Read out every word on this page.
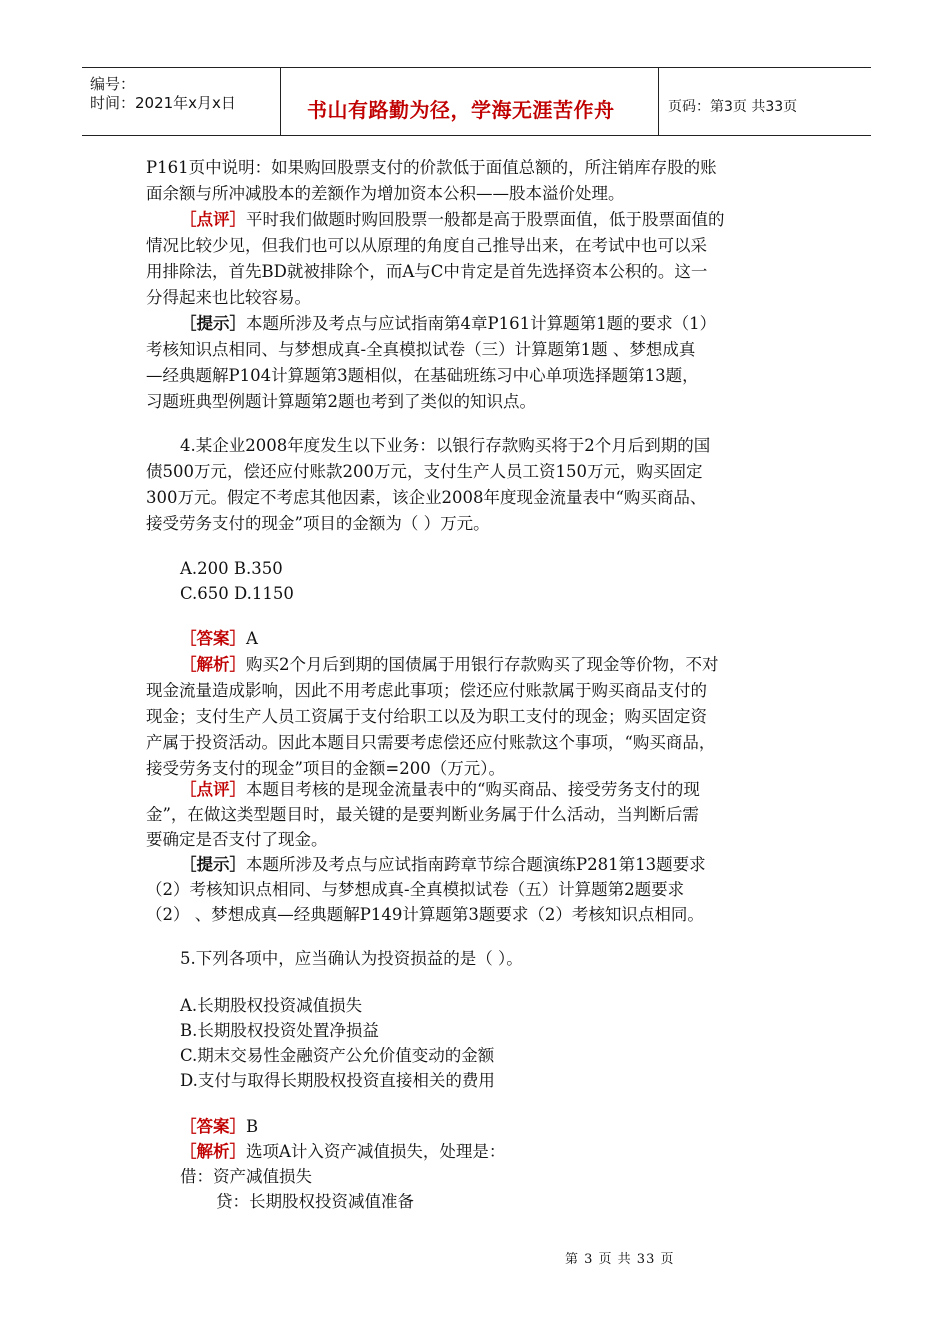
编号：
时间：2021年x月x日	书山有路勤为径，学海无涯苦作舟	页码：第3页 共33页
P161页中说明：如果购回股票支付的价款低于面值总额的，所注销库存股的账
面余额与所冲减股本的差额作为增加资本公积——股本溢价处理。
［点评］平时我们做题时购回股票一般都是高于股票面值，低于股票面值的
情况比较少见，但我们也可以从原理的角度自己推导出来，在考试中也可以采
用排除法，首先BD就被排除个，而A与C中肯定是首先选择资本公积的。这一
分得起来也比较容易。
［提示］本题所涉及考点与应试指南第4章P161计算题第1题的要求（1）
考核知识点相同、与梦想成真-全真模拟试卷（三）计算题第1题 、梦想成真
—经典题解P104计算题第3题相似，在基础班练习中心单项选择题第13题，
习题班典型例题计算题第2题也考到了类似的知识点。
4.某企业2008年度发生以下业务：以银行存款购买将于2个月后到期的国
债500万元，偿还应付账款200万元，支付生产人员工资150万元，购买固定
300万元。假定不考虑其他因素，该企业2008年度现金流量表中“购买商品、
接受劳务支付的现金”项目的金额为（ ）万元。
A.200 B.350
C.650 D.1150
［答案］A
［解析］购买2个月后到期的国债属于用银行存款购买了现金等价物，不对
现金流量造成影响，因此不用考虑此事项；偿还应付账款属于购买商品支付的
现金；支付生产人员工资属于支付给职工以及为职工支付的现金；购买固定资
产属于投资活动。因此本题目只需要考虑偿还应付账款这个事项，“购买商品，
接受劳务支付的现金”项目的金额=200（万元）。
［点评］本题目考核的是现金流量表中的“购买商品、接受劳务支付的现
金”，在做这类型题目时，最关键的是要判断业务属于什么活动，当判断后需
要确定是否支付了现金。
［提示］本题所涉及考点与应试指南跨章节综合题演练P281第13题要求
（2）考核知识点相同、与梦想成真-全真模拟试卷（五）计算题第2题要求
（2） 、梦想成真—经典题解P149计算题第3题要求（2）考核知识点相同。
5.下列各项中，应当确认为投资损益的是（ ）。
A.长期股权投资减值损失
B.长期股权投资处置净损益
C.期末交易性金融资产公允价值变动的金额
D.支付与取得长期股权投资直接相关的费用
［答案］B
［解析］选项A计入资产减值损失，处理是：
借：资产减值损失
贷：长期股权投资减值准备
第 3 页 共 33 页
